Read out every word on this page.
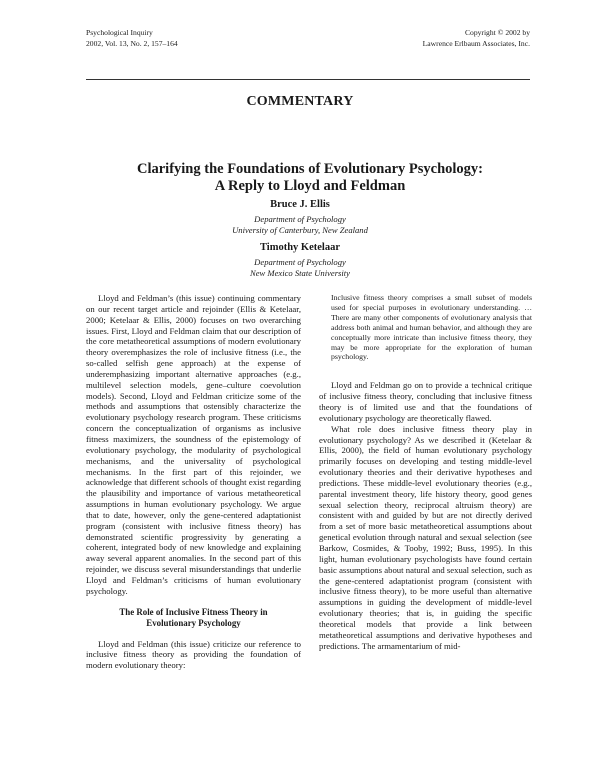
Psychological Inquiry
2002, Vol. 13, No. 2, 157–164
Copyright © 2002 by
Lawrence Erlbaum Associates, Inc.
COMMENTARY
Clarifying the Foundations of Evolutionary Psychology:
A Reply to Lloyd and Feldman
Bruce J. Ellis
Department of Psychology
University of Canterbury, New Zealand
Timothy Ketelaar
Department of Psychology
New Mexico State University

Lloyd and Feldman’s (this issue) continuing commentary on our recent target article and rejoinder (Ellis & Ketelaar, 2000; Ketelaar & Ellis, 2000) focuses on two overarching issues. First, Lloyd and Feldman claim that our description of the core metatheoretical assumptions of modern evolutionary theory overemphasizes the role of inclusive fitness (i.e., the so-called selfish gene approach) at the expense of underemphasizing important alternative approaches (e.g., multilevel selection models, gene–culture coevolution models). Second, Lloyd and Feldman criticize some of the methods and assumptions that ostensibly characterize the evolutionary psychology research program. These criticisms concern the conceptualization of organisms as inclusive fitness maximizers, the soundness of the epistemology of evolutionary psychology, the modularity of psychological mechanisms, and the universality of psychological mechanisms. In the first part of this rejoinder, we acknowledge that different schools of thought exist regarding the plausibility and importance of various metatheoretical assumptions in human evolutionary psychology. We argue that to date, however, only the gene-centered adaptationist program (consistent with inclusive fitness theory) has demonstrated scientific progressivity by generating a coherent, integrated body of new knowledge and explaining away several apparent anomalies. In the second part of this rejoinder, we discuss several misunderstandings that underlie Lloyd and Feldman’s criticisms of human evolutionary psychology.

The Role of Inclusive Fitness Theory in
Evolutionary Psychology

Lloyd and Feldman (this issue) criticize our reference to inclusive fitness theory as providing the foundation of modern evolutionary theory:

Inclusive fitness theory comprises a small subset of models used for special purposes in evolutionary understanding. … There are many other components of evolutionary analysis that address both animal and human behavior, and although they are conceptually more intricate than inclusive fitness theory, they may be more appropriate for the exploration of human psychology.

Lloyd and Feldman go on to provide a technical critique of inclusive fitness theory, concluding that inclusive fitness theory is of limited use and that the foundations of evolutionary psychology are theoretically flawed.

What role does inclusive fitness theory play in evolutionary psychology? As we described it (Ketelaar & Ellis, 2000), the field of human evolutionary psychology primarily focuses on developing and testing middle-level evolutionary theories and their derivative hypotheses and predictions. These middle-level evolutionary theories (e.g., parental investment theory, life history theory, good genes sexual selection theory, reciprocal altruism theory) are consistent with and guided by but are not directly derived from a set of more basic metatheoretical assumptions about genetical evolution through natural and sexual selection (see Barkow, Cosmides, & Tooby, 1992; Buss, 1995). In this light, human evolutionary psychologists have found certain basic assumptions about natural and sexual selection, such as the gene-centered adaptationist program (consistent with inclusive fitness theory), to be more useful than alternative assumptions in guiding the development of middle-level evolutionary theories; that is, in guiding the specific theoretical models that provide a link between metatheoretical assumptions and derivative hypotheses and predictions. The armamentarium of mid-
